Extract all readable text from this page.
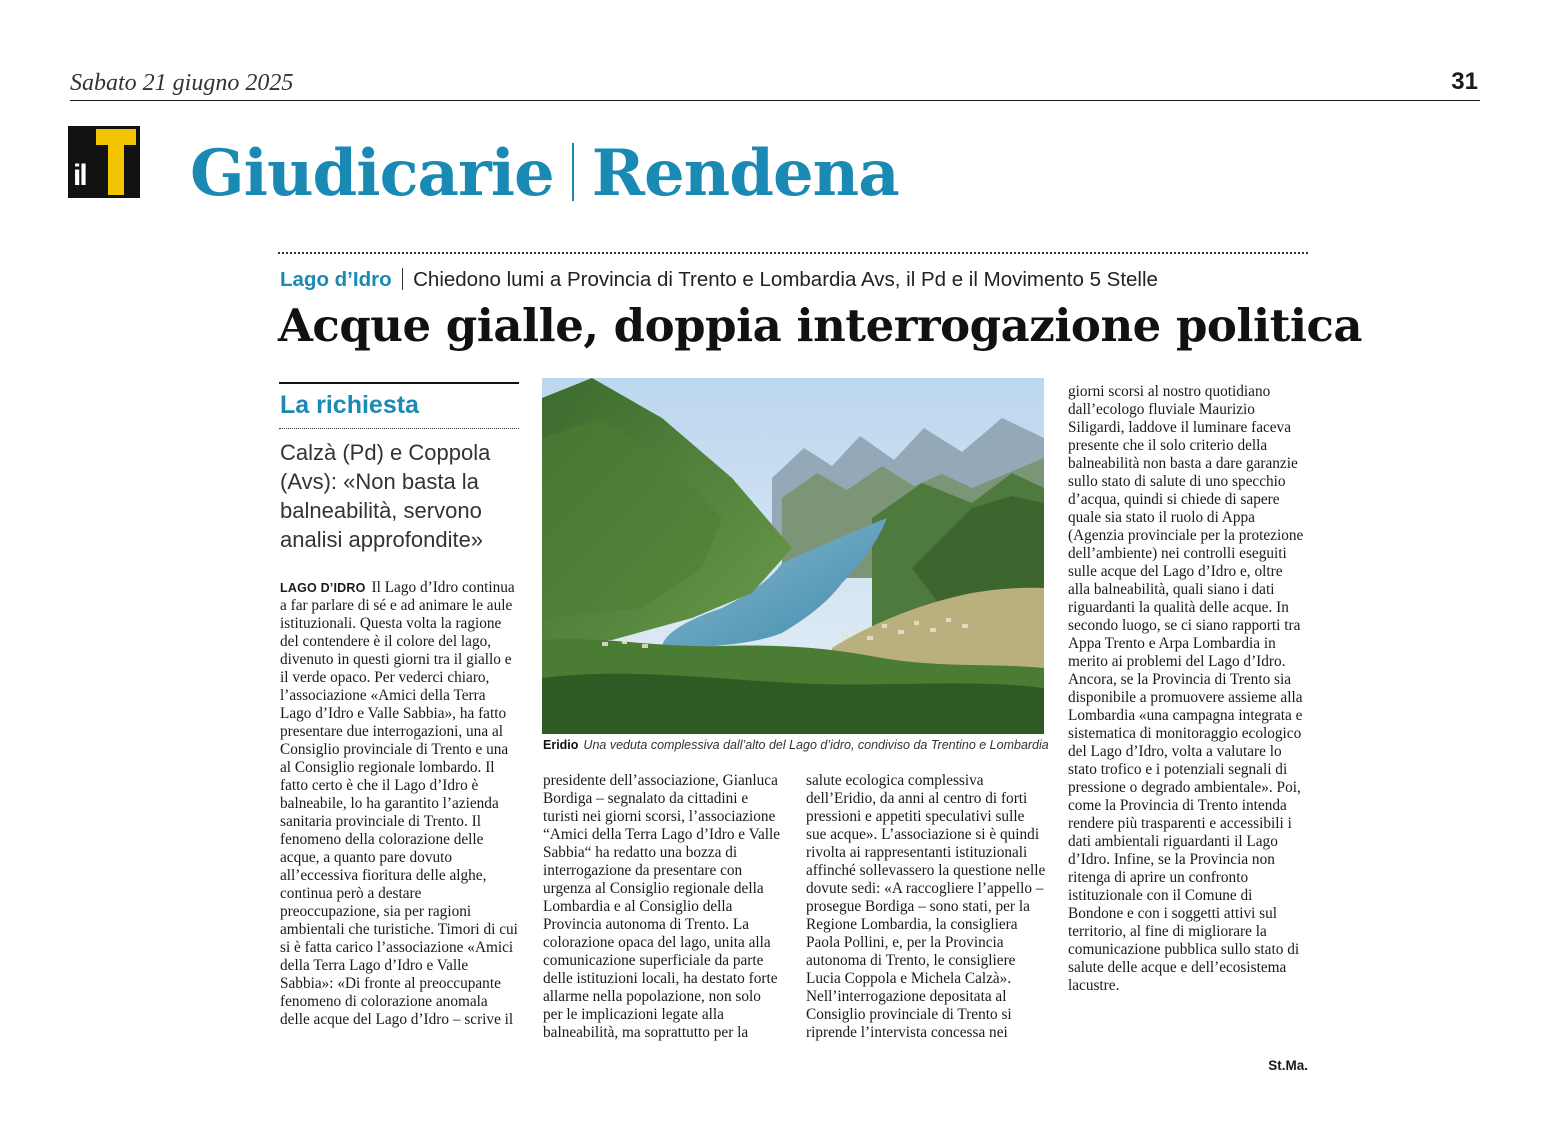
Sabato 21 giugno 2025	31
il T Giudicarie Rendena
Lago d’Idro Chiedono lumi a Provincia di Trento e Lombardia Avs, il Pd e il Movimento 5 Stelle
Acque gialle, doppia interrogazione politica
La richiesta
Calzà (Pd) e Coppola (Avs): «Non basta la balneabilità, servono analisi approfondite»

LAGO D’IDRO Il Lago d’Idro continua a far parlare di sé e ad animare le aule istituzionali. Questa volta la ragione del contendere è il colore del lago, divenuto in questi giorni tra il giallo e il verde opaco. Per vederci chiaro, l’associazione «Amici della Terra Lago d’Idro e Valle Sabbia», ha fatto presentare due interrogazioni, una al Consiglio provinciale di Trento e una al Consiglio regionale lombardo. Il fatto certo è che il Lago d’Idro è balneabile, lo ha garantito l’azienda sanitaria provinciale di Trento. Il fenomeno della colorazione delle acque, a quanto pare dovuto all’eccessiva fioritura delle alghe, continua però a destare preoccupazione, sia per ragioni ambientali che turistiche. Timori di cui si è fatta carico l’associazione «Amici della Terra Lago d’Idro e Valle Sabbia»: «Di fronte al preoccupante fenomeno di colorazione anomala delle acque del Lago d’Idro – scrive il

Eridio Una veduta complessiva dall’alto del Lago d’idro, condiviso da Trentino e Lombardia

presidente dell’associazione, Gianluca Bordiga – segnalato da cittadini e turisti nei giorni scorsi, l’associazione “Amici della Terra Lago d’Idro e Valle Sabbia“ ha redatto una bozza di interrogazione da presentare con urgenza al Consiglio regionale della Lombardia e al Consiglio della Provincia autonoma di Trento. La colorazione opaca del lago, unita alla comunicazione superficiale da parte delle istituzioni locali, ha destato forte allarme nella popolazione, non solo per le implicazioni legate alla balneabilità, ma soprattutto per la

salute ecologica complessiva dell’Eridio, da anni al centro di forti pressioni e appetiti speculativi sulle sue acque». L’associazione si è quindi rivolta ai rappresentanti istituzionali affinché sollevassero la questione nelle dovute sedi: «A raccogliere l’appello – prosegue Bordiga – sono stati, per la Regione Lombardia, la consigliera Paola Pollini, e, per la Provincia autonoma di Trento, le consigliere Lucia Coppola e Michela Calzà». Nell’interrogazione depositata al Consiglio provinciale di Trento si riprende l’intervista concessa nei

giorni scorsi al nostro quotidiano dall’ecologo fluviale Maurizio Siligardi, laddove il luminare faceva presente che il solo criterio della balneabilità non basta a dare garanzie sullo stato di salute di uno specchio d’acqua, quindi si chiede di sapere quale sia stato il ruolo di Appa (Agenzia provinciale per la protezione dell’ambiente) nei controlli eseguiti sulle acque del Lago d’Idro e, oltre alla balneabilità, quali siano i dati riguardanti la qualità delle acque. In secondo luogo, se ci siano rapporti tra Appa Trento e Arpa Lombardia in merito ai problemi del Lago d’Idro. Ancora, se la Provincia di Trento sia disponibile a promuovere assieme alla Lombardia «una campagna integrata e sistematica di monitoraggio ecologico del Lago d’Idro, volta a valutare lo stato trofico e i potenziali segnali di pressione o degrado ambientale». Poi, come la Provincia di Trento intenda rendere più trasparenti e accessibili i dati ambientali riguardanti il Lago d’Idro. Infine, se la Provincia non ritenga di aprire un confronto istituzionale con il Comune di Bondone e con i soggetti attivi sul territorio, al fine di migliorare la comunicazione pubblica sullo stato di salute delle acque e dell’ecosistema lacustre.

St.Ma.
